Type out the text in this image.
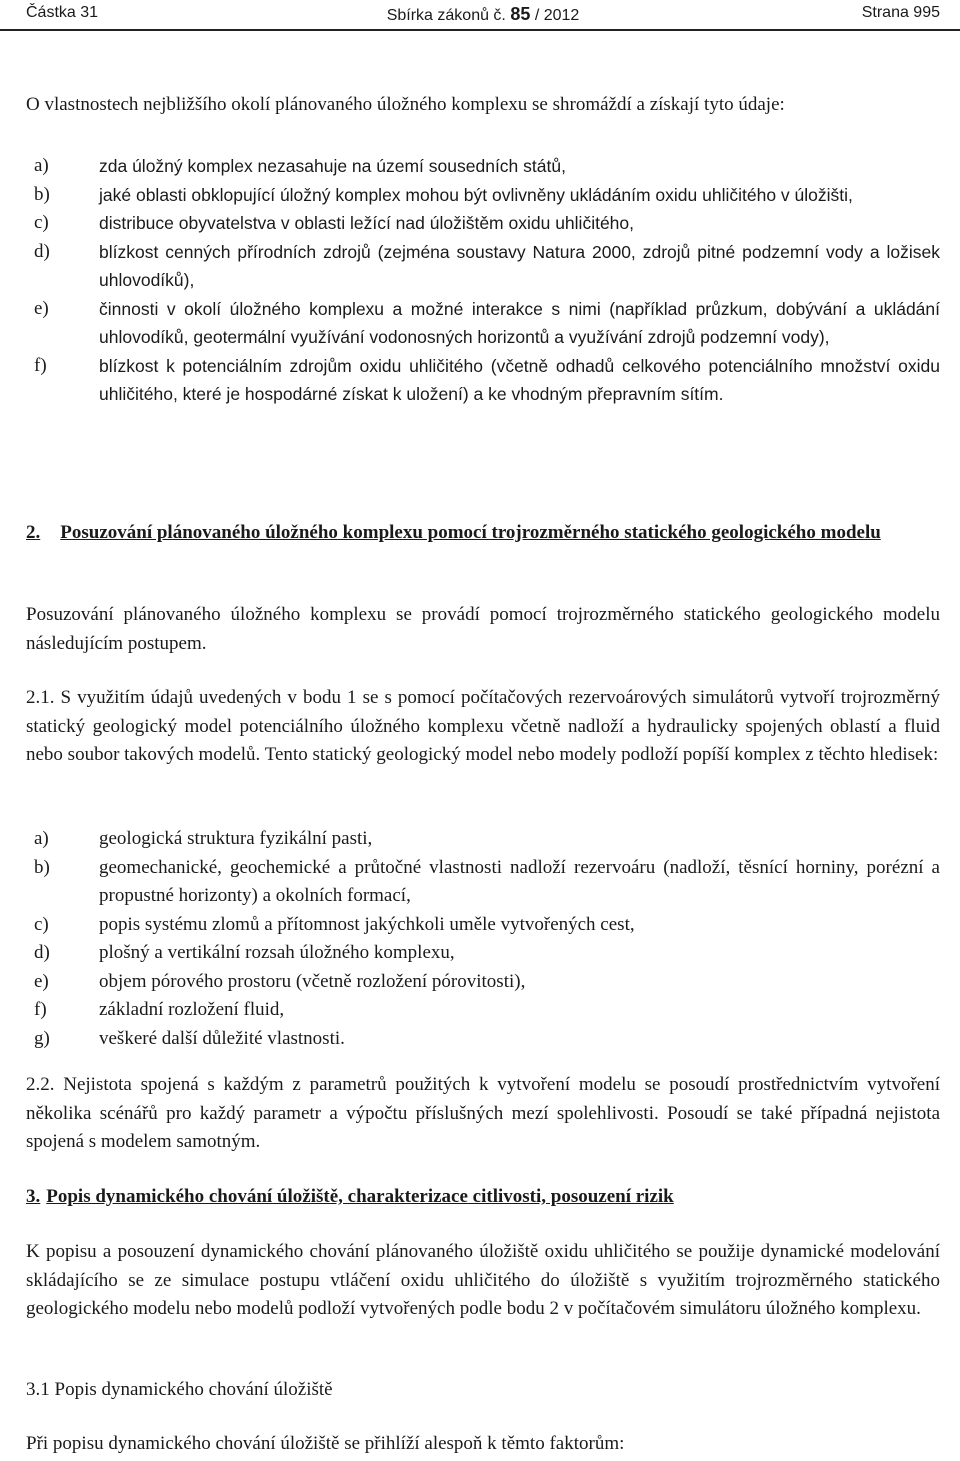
Částka 31	Sbírka zákonů č. 85 / 2012	Strana 995

O vlastnostech nejbližšího okolí plánovaného úložného komplexu se shromáždí a získají tyto údaje:

a)	zda úložný komplex nezasahuje na území sousedních států,
b)	jaké oblasti obklopující úložný komplex mohou být ovlivněny ukládáním oxidu uhličitého v úložišti,
c)	distribuce obyvatelstva v oblasti ležící nad úložištěm oxidu uhličitého,
d)	blízkost cenných přírodních zdrojů (zejména soustavy Natura 2000, zdrojů pitné podzemní vody a ložisek uhlovodíků),
e)	činnosti v okolí úložného komplexu a možné interakce s nimi (například průzkum, dobývání a ukládání uhlovodíků, geotermální využívání vodonosných horizontů a využívání zdrojů podzemní vody),
f)	blízkost k potenciálním zdrojům oxidu uhličitého (včetně odhadů celkového potenciálního množství oxidu uhličitého, které je hospodárné získat k uložení) a ke vhodným přepravním sítím.
2. Posuzování plánovaného úložného komplexu pomocí trojrozměrného statického geologického modelu

Posuzování plánovaného úložného komplexu se provádí pomocí trojrozměrného statického geologického modelu následujícím postupem.

2.1. S využitím údajů uvedených v bodu 1 se s pomocí počítačových rezervoárových simulátorů vytvoří trojrozměrný statický geologický model potenciálního úložného komplexu včetně nadloží a hydraulicky spojených oblastí a fluid nebo soubor takových modelů. Tento statický geologický model nebo modely podloží popíší komplex z těchto hledisek:

a)	geologická struktura fyzikální pasti,
b)	geomechanické, geochemické a průtočné vlastnosti nadloží rezervoáru (nadloží, těsnící horniny, porézní a propustné horizonty) a okolních formací,
c)	popis systému zlomů a přítomnost jakýchkoli uměle vytvořených cest,
d)	plošný a vertikální rozsah úložného komplexu,
e)	objem pórového prostoru (včetně rozložení pórovitosti),
f)	základní rozložení fluid,
g)	veškeré další důležité vlastnosti.

2.2. Nejistota spojená s každým z parametrů použitých k vytvoření modelu se posoudí prostřednictvím vytvoření několika scénářů pro každý parametr a výpočtu příslušných mezí spolehlivosti. Posoudí se také případná nejistota spojená s modelem samotným.

3. Popis dynamického chování úložiště, charakterizace citlivosti, posouzení rizik

K popisu a posouzení dynamického chování plánovaného úložiště oxidu uhličitého se použije dynamické modelování skládajícího se ze simulace postupu vtláčení oxidu uhličitého do úložiště s využitím trojrozměrného statického geologického modelu nebo modelů podloží vytvořených podle bodu 2 v počítačovém simulátoru úložného komplexu.

3.1 Popis dynamického chování úložiště

Při popisu dynamického chování úložiště se přihlíží alespoň k těmto faktorům:
